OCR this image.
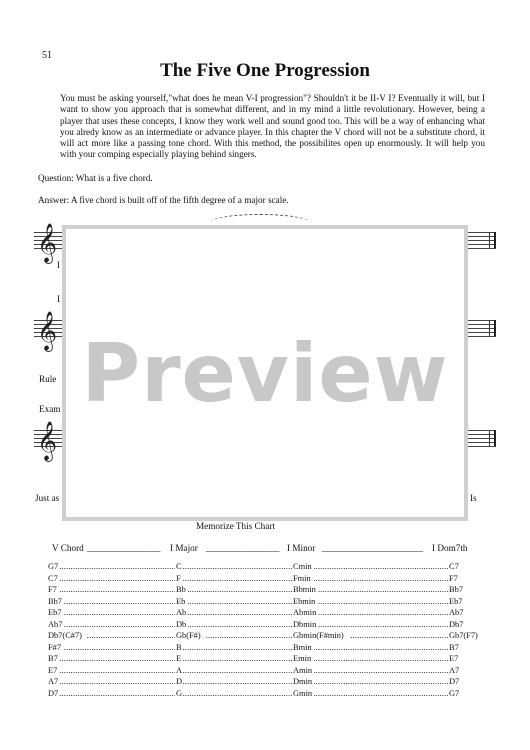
51
The Five One Progression
You must be asking yourself,"what does he mean V-I progression"? Shouldn't it be II-V I? Eventually it will, but I want to show you approach that is somewhat different, and in my mind a little revolutionary. However, being a player that uses these concepts, I know they work well and sound good too. This will be a way of enhancing what you alredy know as an intermediate or advance player. In this chapter the V chord will not be a substitute chord, it will act more like a passing tone chord. With this method, the possibilites open up enormously. It will help you with your comping especially playing behind singers.
Question: What is a five chord.
Answer: A five chord is built off of the fifth degree of a major scale.
𝄞
I
I
𝄞
Rule
Exam
𝄞
Just as	Is
Preview
Memorize This Chart
V Chord ________________ I Major ________________ I Minor ______________________ I Dom7th
G7	C	Cmin	C7
.....
.....
.....
C7	F	Fmin	F7
.....
.....
.....
F7	Bb	Bbmin	Bb7
.....
.....
.....
Bb7	Eb	Ebmin	Eb7
.....
.....
.....
Eb7	Ab	Abmin	Ab7
.....
.....
.....
Ab7	Db	Dbmin	Db7
.....
.....
.....
Db7(C#7)	Gb(F#)	Gbmin(F#min)	Gb7(F7)
.....
.....
.....
F#7	B	Bmin	B7
.....
.....
.....
B7	E	Emin	E7
.....
.....
.....
E7	A	Amin	A7
.....
.....
.....
A7	D	Dmin	D7
.....
.....
.....
D7	G	Gmin	G7
.....
.....
.....
